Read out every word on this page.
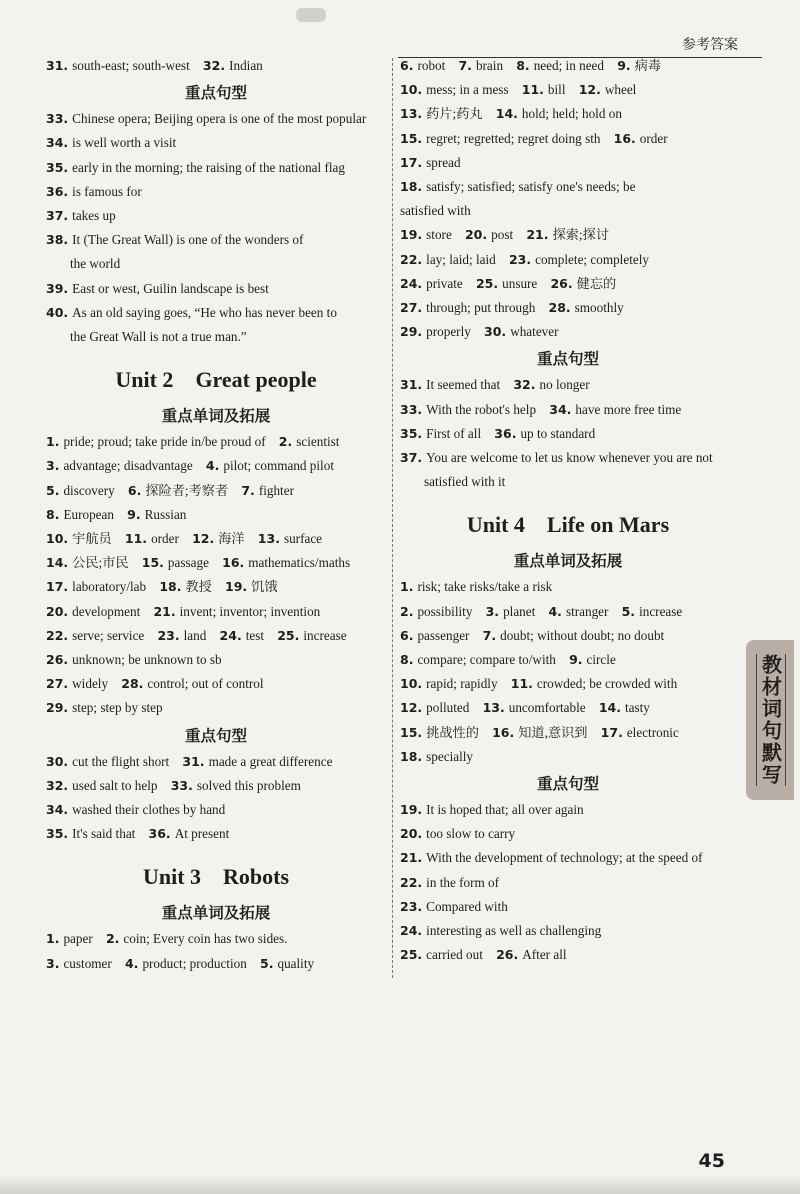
参考答案
31. south-east; south-west  32. Indian
重点句型
33. Chinese opera; Beijing opera is one of the most popular
34. is well worth a visit
35. early in the morning; the raising of the national flag
36. is famous for
37. takes up
38. It (The Great Wall) is one of the wonders of
the world
39. East or west, Guilin landscape is best
40. As an old saying goes, “He who has never been to
the Great Wall is not a true man.”
Unit 2 Great people
重点单词及拓展
1. pride; proud; take pride in/be proud of  2. scientist
3. advantage; disadvantage  4. pilot; command pilot
5. discovery  6. 探险者;考察者  7. fighter
8. European  9. Russian
10. 宇航员  11. order  12. 海洋  13. surface
14. 公民;市民  15. passage  16. mathematics/maths
17. laboratory/lab  18. 教授  19. 饥饿
20. development  21. invent; inventor; invention
22. serve; service  23. land  24. test  25. increase
26. unknown; be unknown to sb
27. widely  28. control; out of control
29. step; step by step
重点句型
30. cut the flight short  31. made a great difference
32. used salt to help  33. solved this problem
34. washed their clothes by hand
35. It's said that  36. At present
Unit 3 Robots
重点单词及拓展
1. paper  2. coin; Every coin has two sides.
3. customer  4. product; production  5. quality
6. robot  7. brain  8. need; in need  9. 病毒
10. mess; in a mess  11. bill  12. wheel
13. 药片;药丸  14. hold; held; hold on
15. regret; regretted; regret doing sth  16. order
17. spread
18. satisfy; satisfied; satisfy one's needs; be
satisfied with
19. store  20. post  21. 探索;探讨
22. lay; laid; laid  23. complete; completely
24. private  25. unsure  26. 健忘的
27. through; put through  28. smoothly
29. properly  30. whatever
重点句型
31. It seemed that  32. no longer
33. With the robot's help  34. have more free time
35. First of all  36. up to standard
37. You are welcome to let us know whenever you are not
satisfied with it
Unit 4 Life on Mars
重点单词及拓展
1. risk; take risks/take a risk
2. possibility  3. planet  4. stranger  5. increase
6. passenger  7. doubt; without doubt; no doubt
8. compare; compare to/with  9. circle
10. rapid; rapidly  11. crowded; be crowded with
12. polluted  13. uncomfortable  14. tasty
15. 挑战性的  16. 知道,意识到  17. electronic
18. specially
重点句型
19. It is hoped that; all over again
20. too slow to carry
21. With the development of technology; at the speed of
22. in the form of
23. Compared with
24. interesting as well as challenging
25. carried out  26. After all
教材词句默写
45
